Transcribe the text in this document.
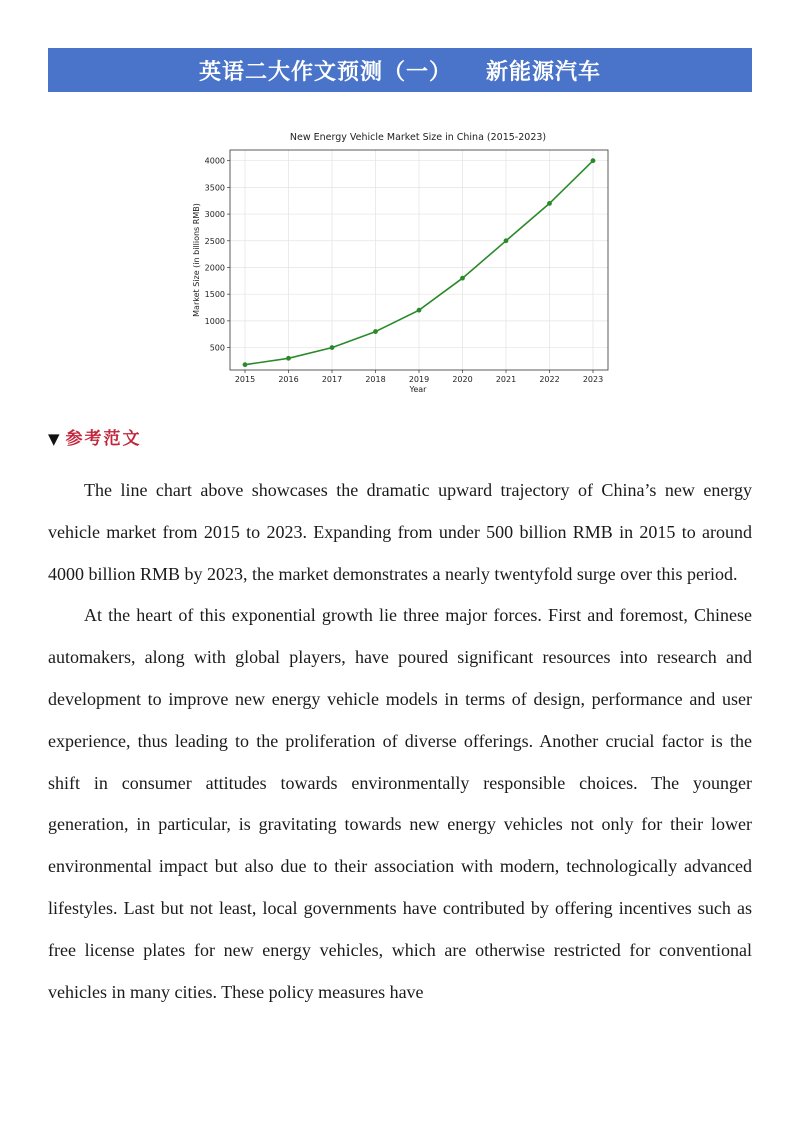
英语二大作文预测（一） 新能源汽车
New Energy Vehicle Market Size in China (2015-2023)
500
1000
1500
2000
2500
3000
3500
4000
2015	2016	2017	2018	2019	2020	2021	2022	2023
Year
Market Size (in billions RMB)
▼ 参考范文

The line chart above showcases the dramatic upward trajectory of China’s new energy vehicle market from 2015 to 2023. Expanding from under 500 billion RMB in 2015 to around 4000 billion RMB by 2023, the market demonstrates a nearly twentyfold surge over this period.

At the heart of this exponential growth lie three major forces. First and foremost, Chinese automakers, along with global players, have poured significant resources into research and development to improve new energy vehicle models in terms of design, performance and user experience, thus leading to the proliferation of diverse offerings. Another crucial factor is the shift in consumer attitudes towards environmentally responsible choices. The younger generation, in particular, is gravitating towards new energy vehicles not only for their lower environmental impact but also due to their association with modern, technologically advanced lifestyles. Last but not least, local governments have contributed by offering incentives such as free license plates for new energy vehicles, which are otherwise restricted for conventional vehicles in many cities. These policy measures have
